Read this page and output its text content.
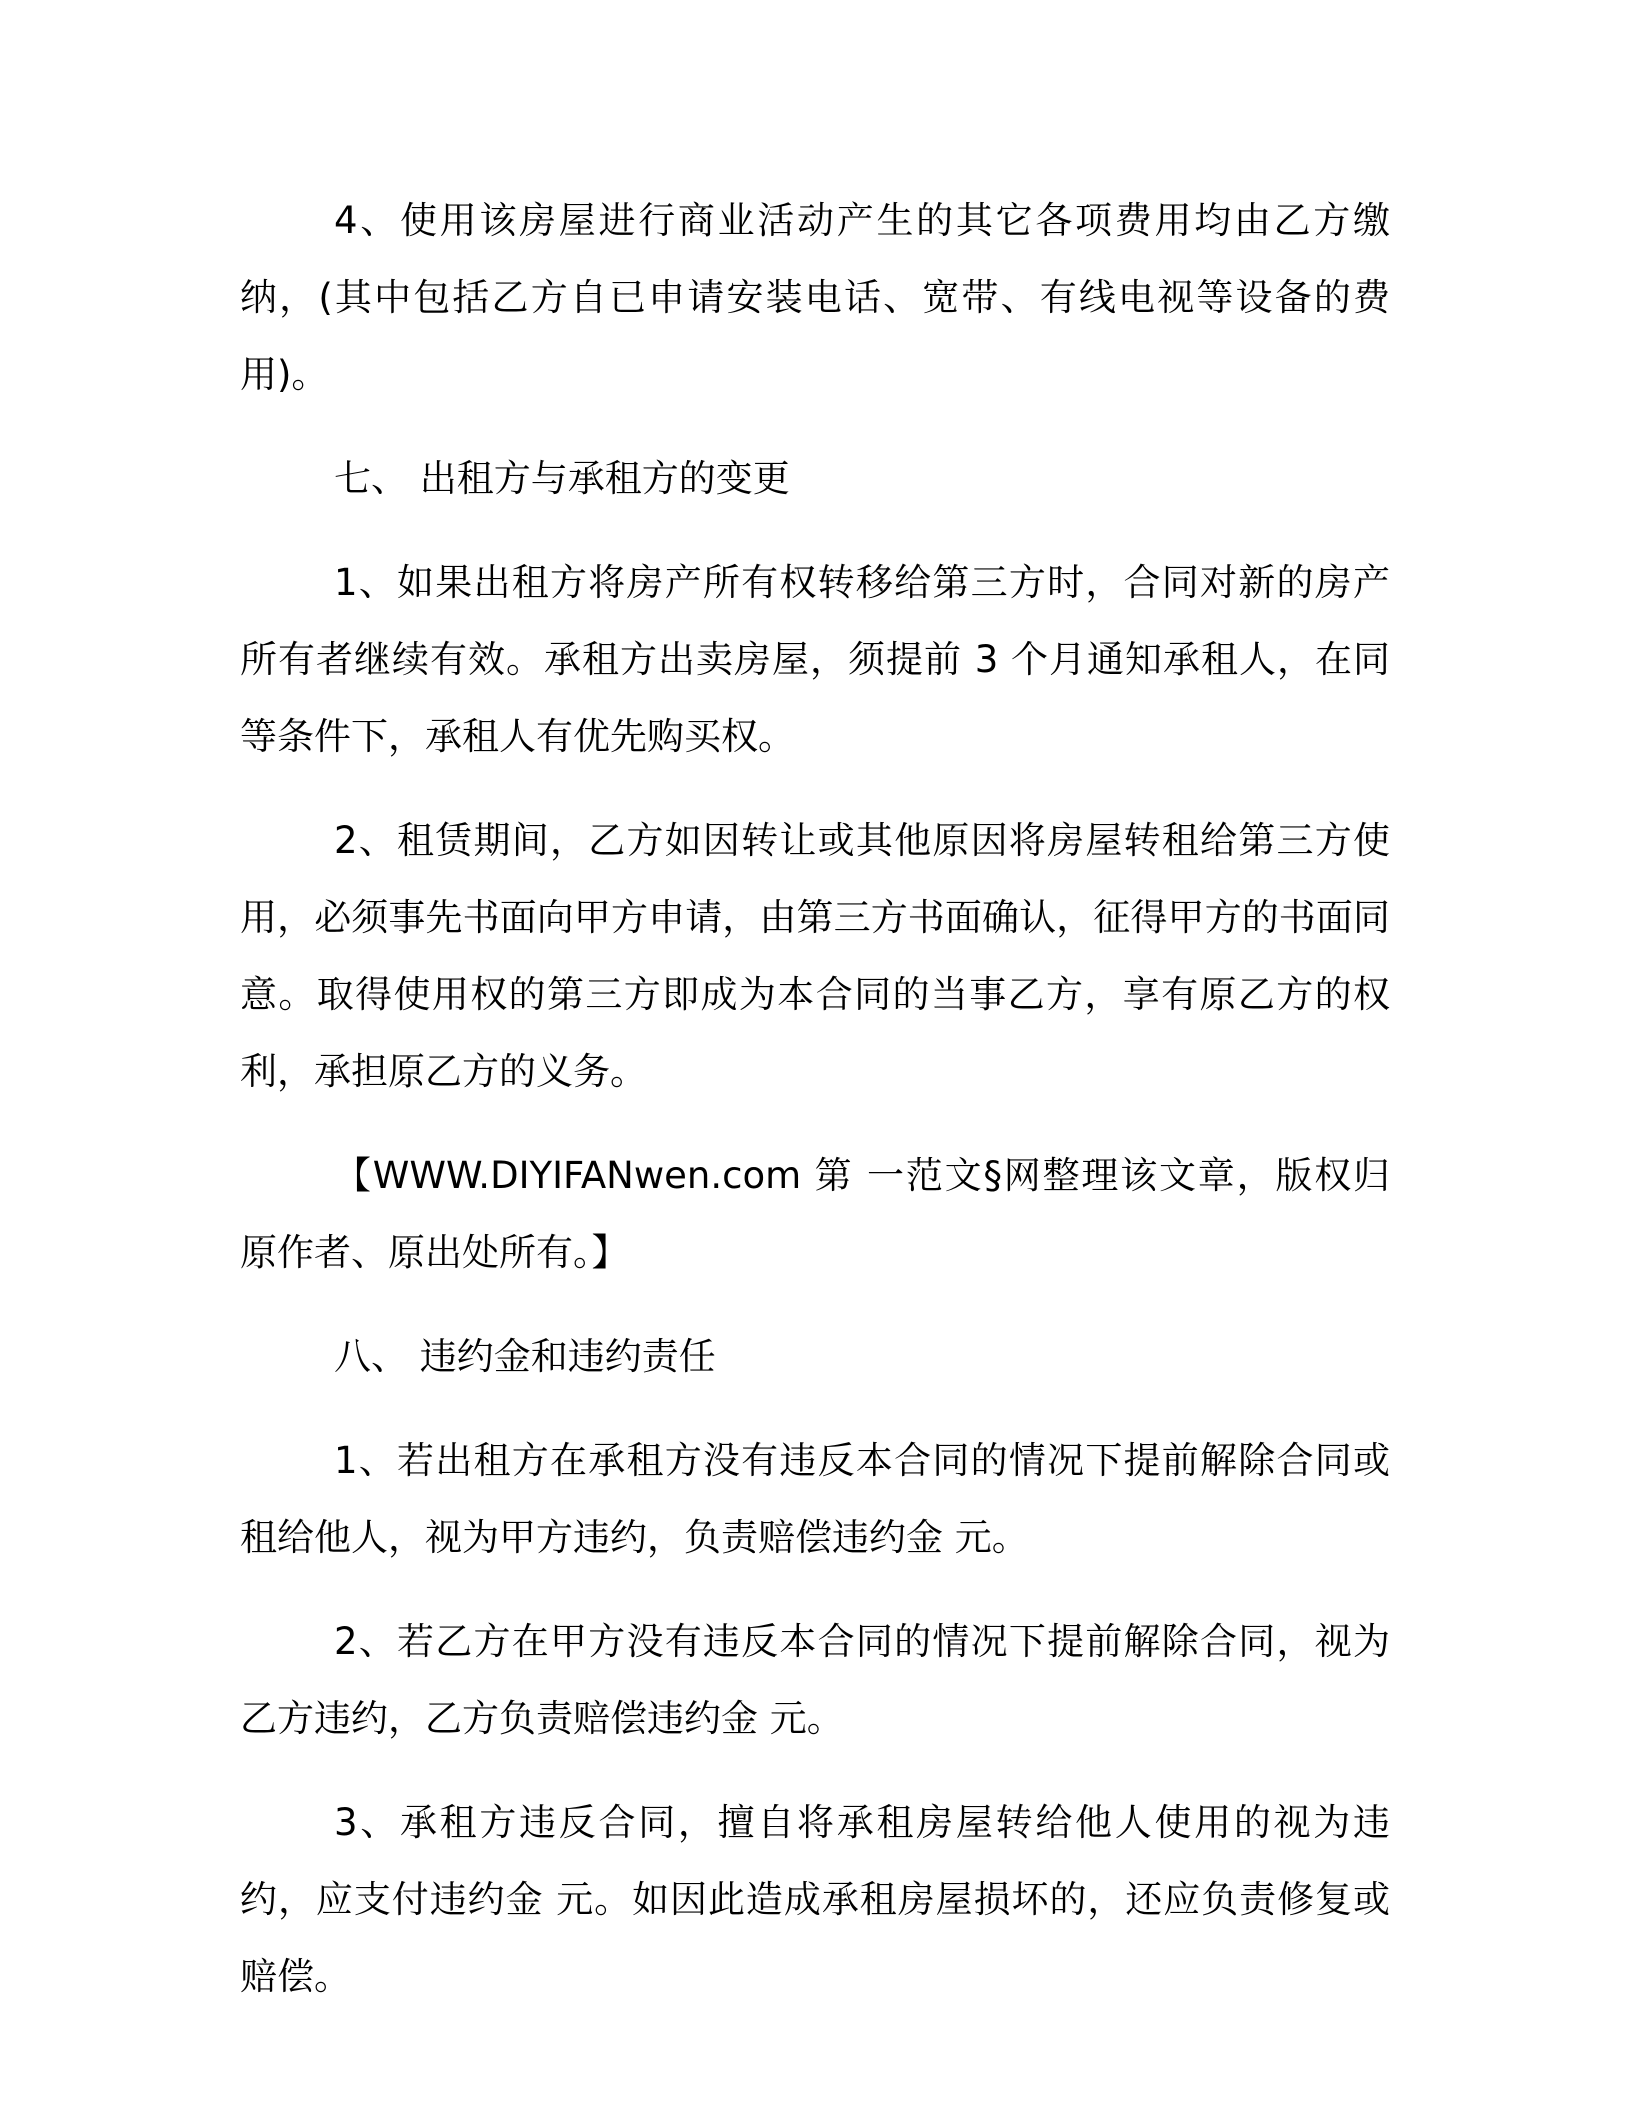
4、使用该房屋进行商业活动产生的其它各项费用均由乙方缴纳，(其中包括乙方自已申请安装电话、宽带、有线电视等设备的费用)。

七、 出租方与承租方的变更

1、如果出租方将房产所有权转移给第三方时，合同对新的房产所有者继续有效。承租方出卖房屋，须提前 3 个月通知承租人，在同等条件下，承租人有优先购买权。

2、租赁期间，乙方如因转让或其他原因将房屋转租给第三方使用，必须事先书面向甲方申请，由第三方书面确认，征得甲方的书面同意。取得使用权的第三方即成为本合同的当事乙方，享有原乙方的权利，承担原乙方的义务。

【WWW.DIYIFANwen.com 第 一范文§网整理该文章，版权归原作者、原出处所有。】

八、 违约金和违约责任

1、若出租方在承租方没有违反本合同的情况下提前解除合同或租给他人，视为甲方违约，负责赔偿违约金 元。

2、若乙方在甲方没有违反本合同的情况下提前解除合同，视为乙方违约，乙方负责赔偿违约金 元。

3、承租方违反合同，擅自将承租房屋转给他人使用的视为违约，应支付违约金 元。如因此造成承租房屋损坏的，还应负责修复或赔偿。
